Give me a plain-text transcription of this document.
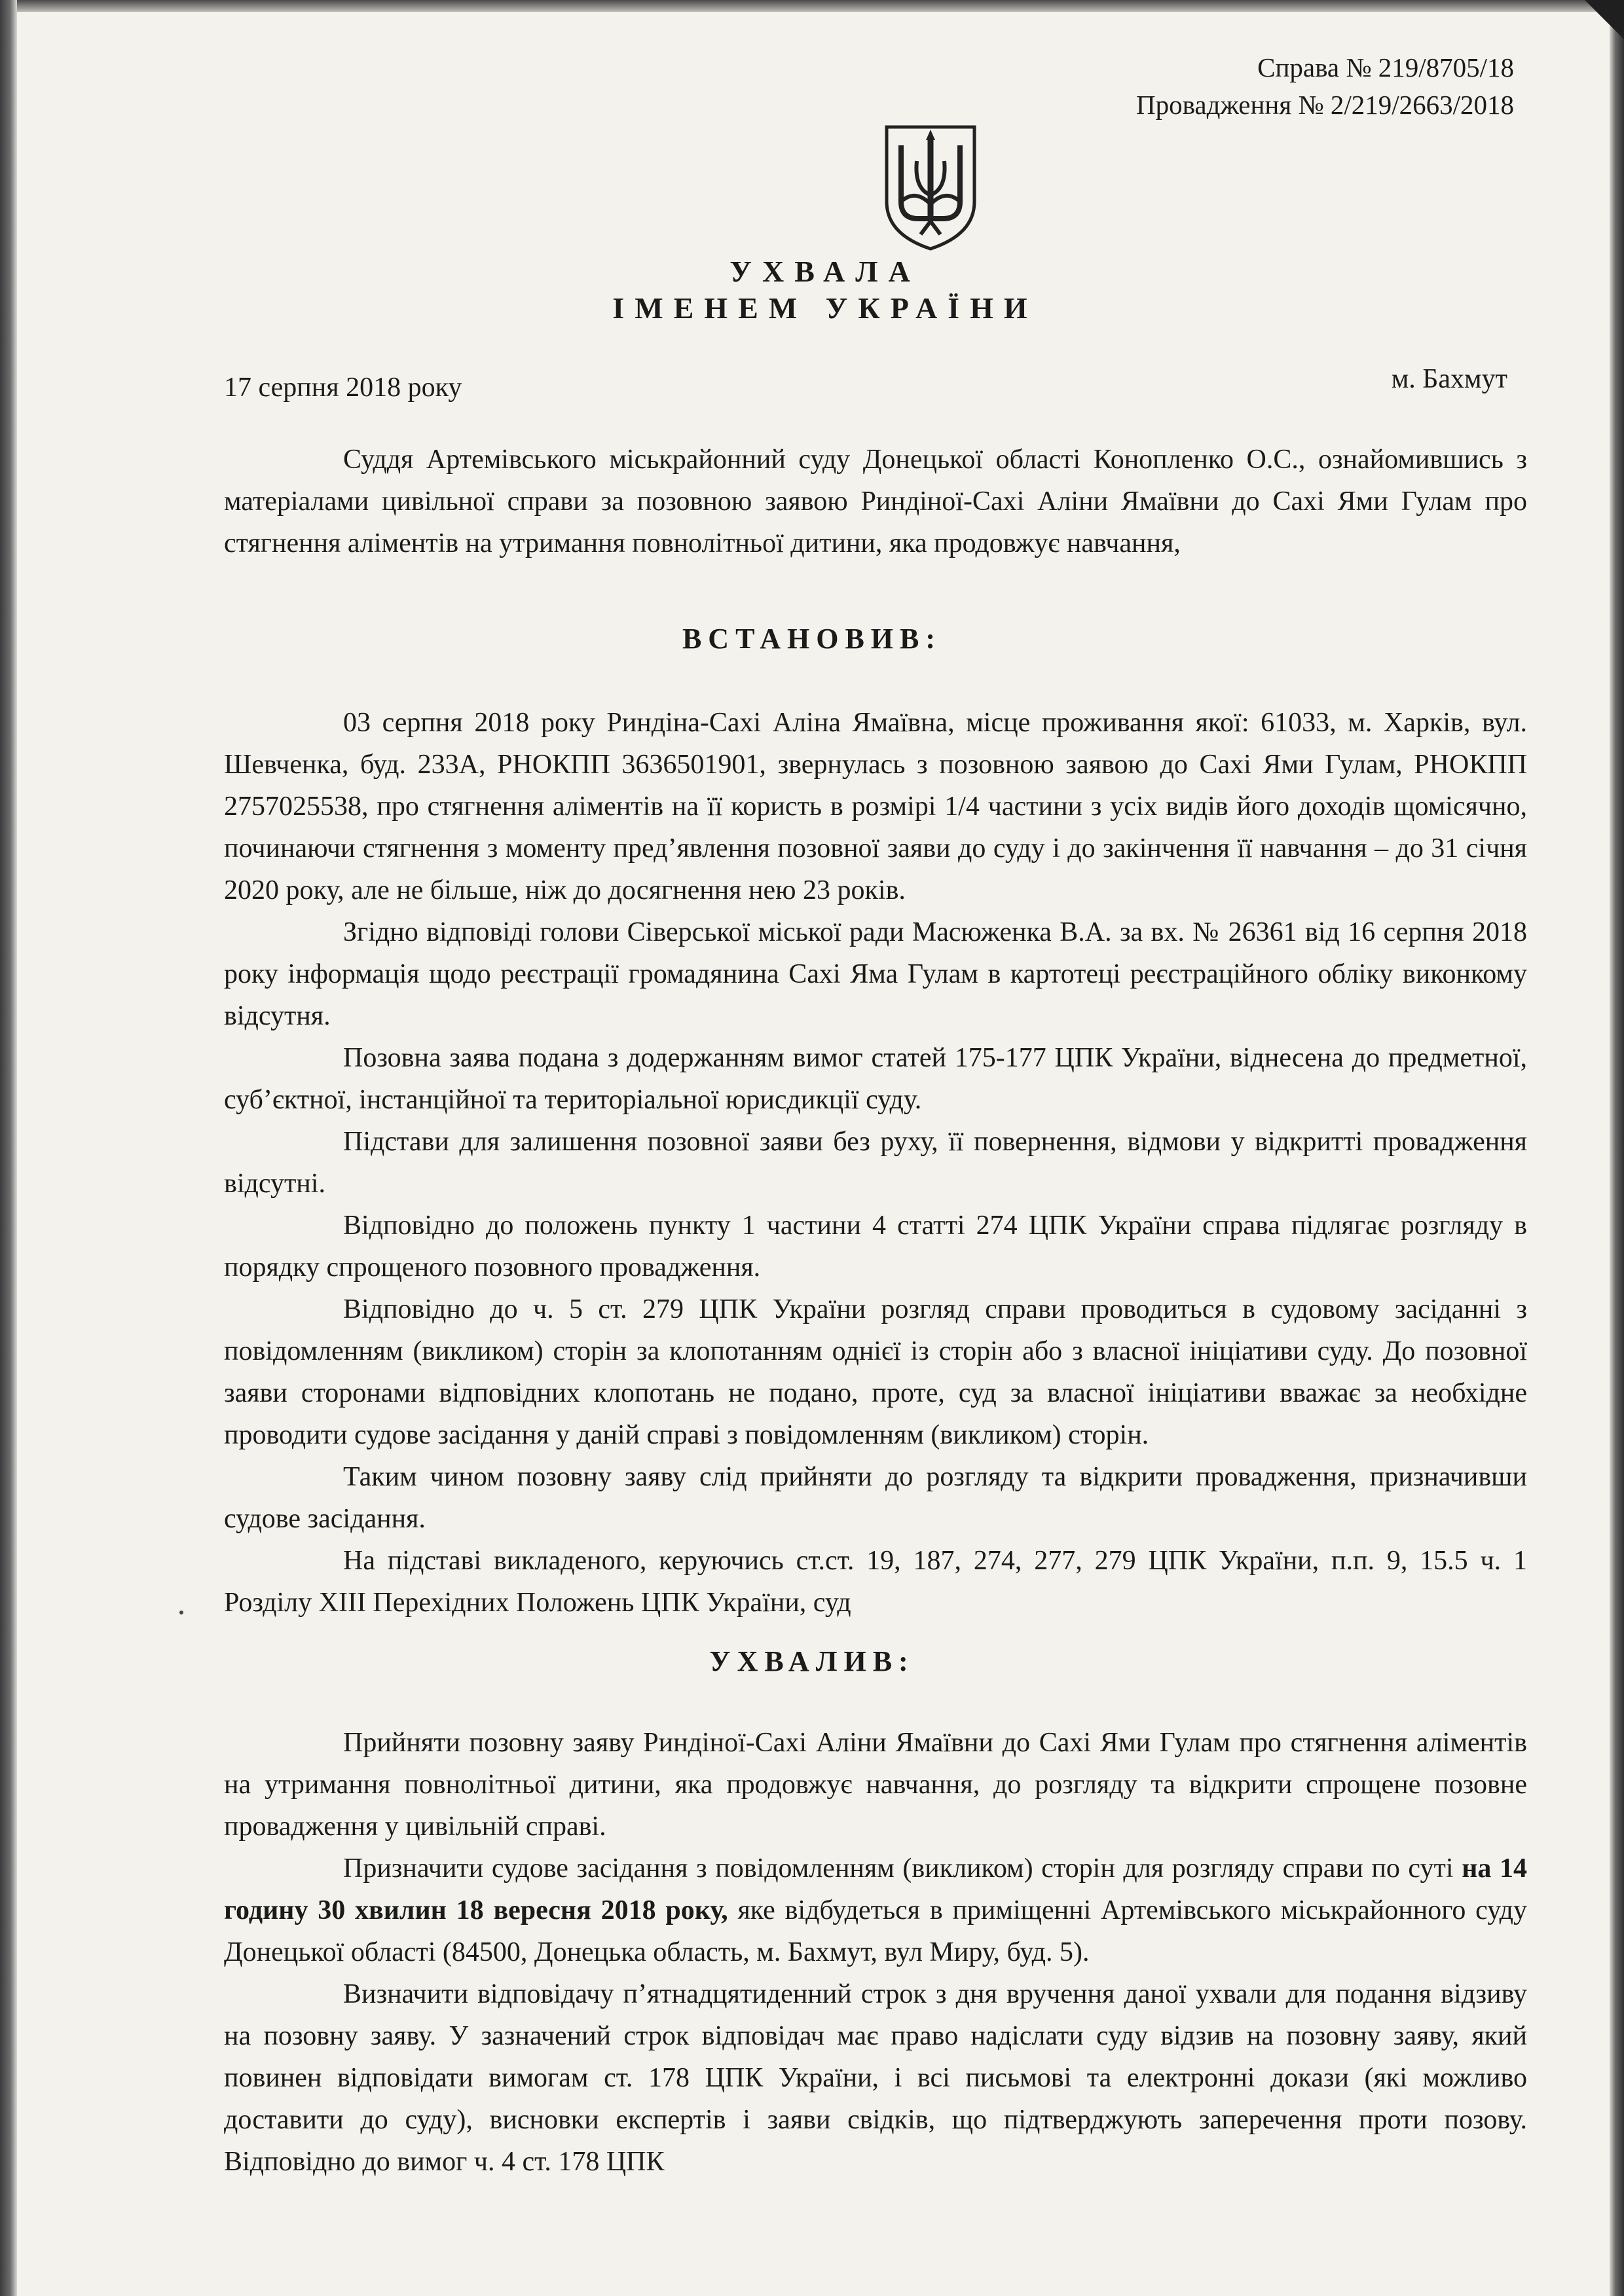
Справа № 219/8705/18
Провадження № 2/219/2663/2018
УХВАЛА
ІМЕНЕМ УКРАЇНИ
17 серпня 2018 року	м. Бахмут

Суддя Артемівського міськрайонний суду Донецької області Конопленко О.С., ознайомившись з матеріалами цивільної справи за позовною заявою Риндіної-Сахі Аліни Ямаївни до Сахі Ями Гулам про стягнення аліментів на утримання повнолітньої дитини, яка продовжує навчання,

ВСТАНОВИВ:

03 серпня 2018 року Риндіна-Сахі Аліна Ямаївна, місце проживання якої: 61033, м. Харків, вул. Шевченка, буд. 233А, РНОКПП 3636501901, звернулась з позовною заявою до Сахі Ями Гулам, РНОКПП 2757025538, про стягнення аліментів на її користь в розмірі 1/4 частини з усіх видів його доходів щомісячно, починаючи стягнення з моменту пред’явлення позовної заяви до суду і до закінчення її навчання – до 31 січня 2020 року, але не більше, ніж до досягнення нею 23 років.

Згідно відповіді голови Сіверської міської ради Масюженка В.А. за вх. № 26361 від 16 серпня 2018 року інформація щодо реєстрації громадянина Сахі Яма Гулам в картотеці реєстраційного обліку виконкому відсутня.

Позовна заява подана з додержанням вимог статей 175-177 ЦПК України, віднесена до предметної, суб’єктної, інстанційної та територіальної юрисдикції суду.

Підстави для залишення позовної заяви без руху, її повернення, відмови у відкритті провадження відсутні.

Відповідно до положень пункту 1 частини 4 статті 274 ЦПК України справа підлягає розгляду в порядку спрощеного позовного провадження.

Відповідно до ч. 5 ст. 279 ЦПК України розгляд справи проводиться в судовому засіданні з повідомленням (викликом) сторін за клопотанням однієї із сторін або з власної ініціативи суду. До позовної заяви сторонами відповідних клопотань не подано, проте, суд за власної ініціативи вважає за необхідне проводити судове засідання у даній справі з повідомленням (викликом) сторін.

Таким чином позовну заяву слід прийняти до розгляду та відкрити провадження, призначивши судове засідання.

На підставі викладеного, керуючись ст.ст. 19, 187, 274, 277, 279 ЦПК України, п.п. 9, 15.5 ч. 1 Розділу XIII Перехідних Положень ЦПК України, суд

УХВАЛИВ:

Прийняти позовну заяву Риндіної-Сахі Аліни Ямаївни до Сахі Ями Гулам про стягнення аліментів на утримання повнолітньої дитини, яка продовжує навчання, до розгляду та відкрити спрощене позовне провадження у цивільній справі.

Призначити судове засідання з повідомленням (викликом) сторін для розгляду справи по суті на 14 годину 30 хвилин 18 вересня 2018 року, яке відбудеться в приміщенні Артемівського міськрайонного суду Донецької області (84500, Донецька область, м. Бахмут, вул Миру, буд. 5).

Визначити відповідачу п’ятнадцятиденний строк з дня вручення даної ухвали для подання відзиву на позовну заяву. У зазначений строк відповідач має право надіслати суду відзив на позовну заяву, який повинен відповідати вимогам ст. 178 ЦПК України, і всі письмові та електронні докази (які можливо доставити до суду), висновки експертів і заяви свідків, що підтверджують заперечення проти позову. Відповідно до вимог ч. 4 ст. 178 ЦПК
